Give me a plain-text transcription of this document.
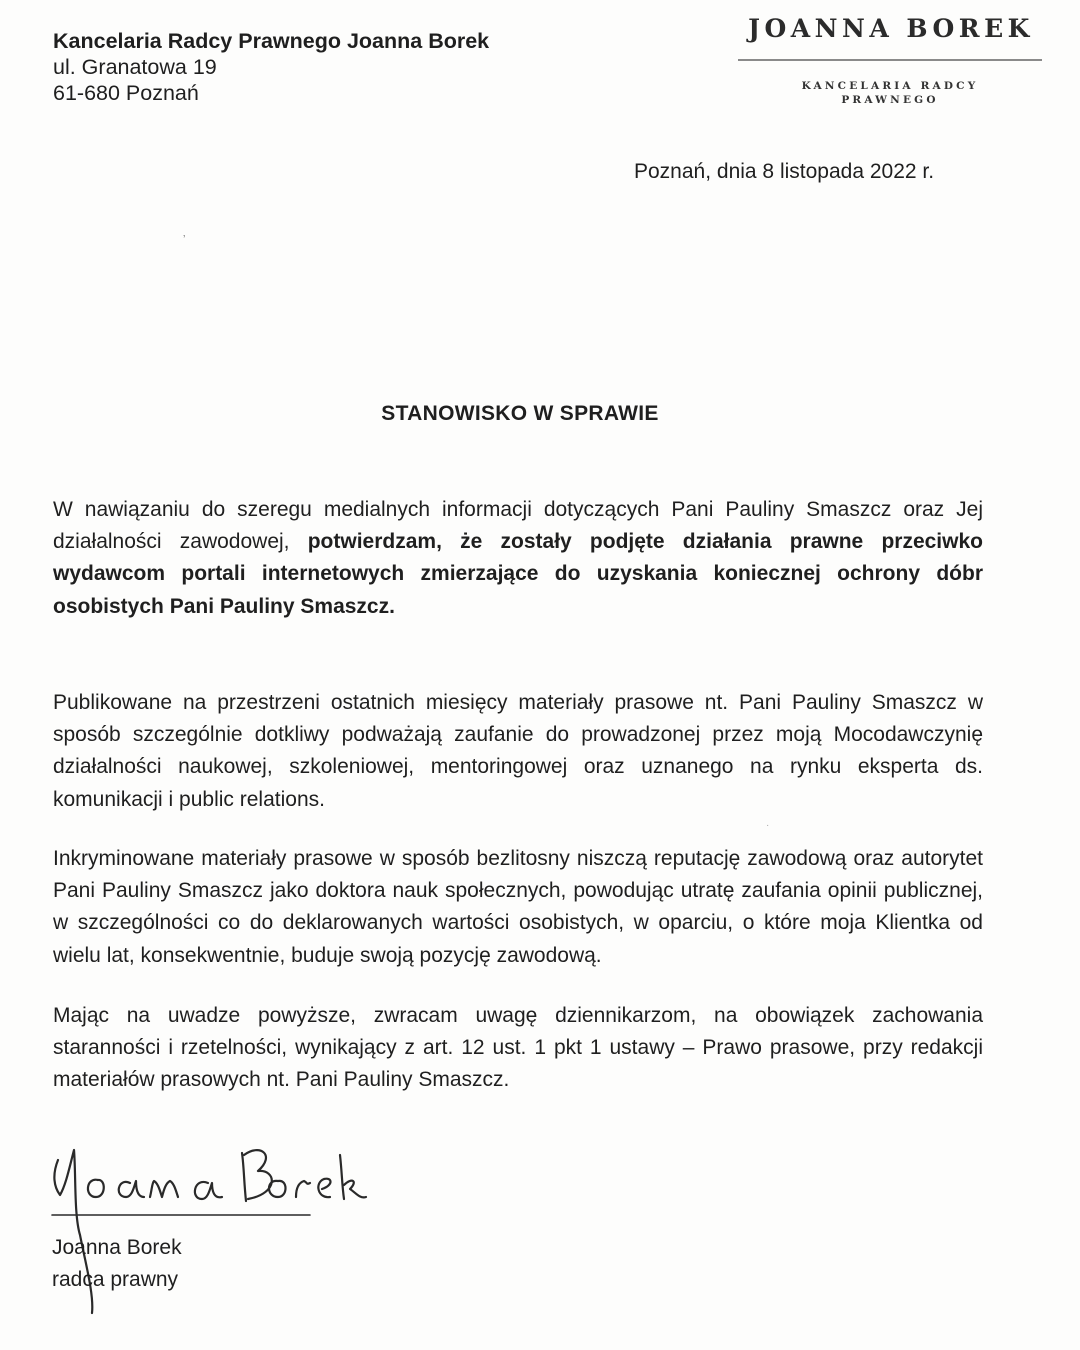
Kancelaria Radcy Prawnego Joanna Borek
ul. Granatowa 19
61-680 Poznań
JOANNA BOREK
KANCELARIA RADCY PRAWNEGO
Poznań, dnia 8 listopada 2022 r.
ʼ
·
STANOWISKO W SPRAWIE
W nawiązaniu do szeregu medialnych informacji dotyczących Pani Pauliny Smaszcz oraz Jej działalności zawodowej, potwierdzam, że zostały podjęte działania prawne przeciwko wydawcom portali internetowych zmierzające do uzyskania koniecznej ochrony dóbr osobistych Pani Pauliny Smaszcz.
Publikowane na przestrzeni ostatnich miesięcy materiały prasowe nt. Pani Pauliny Smaszcz w sposób szczególnie dotkliwy podważają zaufanie do prowadzonej przez moją Mocodawczynię działalności naukowej, szkoleniowej, mentoringowej oraz uznanego na rynku eksperta ds. komunikacji i public relations.
Inkryminowane materiały prasowe w sposób bezlitosny niszczą reputację zawodową oraz autorytet Pani Pauliny Smaszcz jako doktora nauk społecznych, powodując utratę zaufania opinii publicznej, w szczególności co do deklarowanych wartości osobistych, w oparciu, o które moja Klientka od wielu lat, konsekwentnie, buduje swoją pozycję zawodową.
Mając na uwadze powyższe, zwracam uwagę dziennikarzom, na obowiązek zachowania staranności i rzetelności, wynikający z art. 12 ust. 1 pkt 1 ustawy – Prawo prasowe, przy redakcji materiałów prasowych nt. Pani Pauliny Smaszcz.
Joanna Borek
radca prawny
